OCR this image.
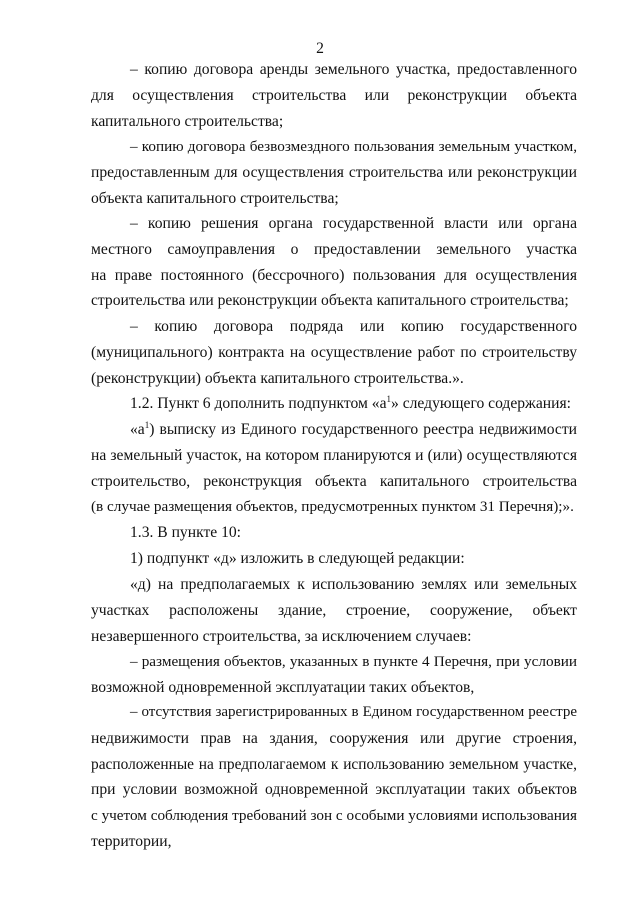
2
– копию договора аренды земельного участка, предоставленного
для осуществления строительства или реконструкции объекта
капитального строительства;
– копию договора безвозмездного пользования земельным участком,
предоставленным для осуществления строительства или реконструкции
объекта капитального строительства;
– копию решения органа государственной власти или органа
местного самоуправления о предоставлении земельного участка
на праве постоянного (бессрочного) пользования для осуществления
строительства или реконструкции объекта капитального строительства;
– копию договора подряда или копию государственного
(муниципального) контракта на осуществление работ по строительству
(реконструкции) объекта капитального строительства.».
1.2. Пункт 6 дополнить подпунктом «$а^1$» следующего содержания:
«$а^1$) выписку из Единого государственного реестра недвижимости
на земельный участок, на котором планируются и (или) осуществляются
строительство, реконструкция объекта капитального строительства
(в случае размещения объектов, предусмотренных пунктом 31 Перечня);».
1.3. В пункте 10:
1) подпункт «д» изложить в следующей редакции:
«д) на предполагаемых к использованию землях или земельных
участках расположены здание, строение, сооружение, объект
незавершенного строительства, за исключением случаев:
– размещения объектов, указанных в пункте 4 Перечня, при условии
возможной одновременной эксплуатации таких объектов,
– отсутствия зарегистрированных в Едином государственном реестре
недвижимости прав на здания, сооружения или другие строения,
расположенные на предполагаемом к использованию земельном участке,
при условии возможной одновременной эксплуатации таких объектов
с учетом соблюдения требований зон с особыми условиями использования
территории,
